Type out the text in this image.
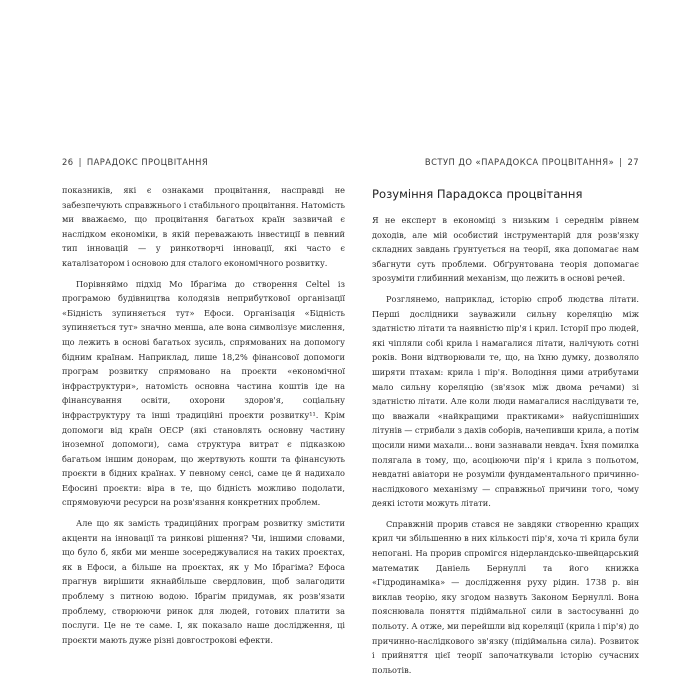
26 | ПАРАДОКС ПРОЦВІТАННЯ

показників, які є ознаками процвітання, насправді не забезпечують справжнього і стабільного процвітання. Натомість ми вважаємо, що процвітання багатьох країн зазвичай є наслідком економіки, в якій переважають інвестиції в певний тип інновацій — у ринкотворчі інновації, які часто є каталізатором і основою для сталого економічного розвитку.

Порівняймо підхід Мо Ібрагіма до створення Celtel із програмою будівництва колодязів неприбуткової організації «Бідність зупиняється тут» Ефоси. Організація «Бідність зупиняється тут» значно менша, але вона символізує мислення, що лежить в основі багатьох зусиль, спрямованих на допомогу бідним країнам. Наприклад, лише 18,2% фінансової допомоги програм розвитку спрямовано на проєкти «економічної інфраструктури», натомість основна частина коштів іде на фінансування освіти, охорони здоров'я, соціальну інфраструктуру та інші традиційні проєкти розвитку¹¹. Крім допомоги від країн ОЕСР (які становлять основну частину іноземної допомоги), сама структура витрат є підказкою багатьом іншим донорам, що жертвують кошти та фінансують проєкти в бідних країнах. У певному сенсі, саме це й надихало Ефосині проєкти: віра в те, що бідність можливо подолати, спрямовуючи ресурси на розв'язання конкретних проблем.

Але що як замість традиційних програм розвитку змістити акценти на інновації та ринкові рішення? Чи, іншими словами, що було б, якби ми менше зосереджувалися на таких проєктах, як в Ефоси, а більше на проєктах, як у Мо Ібрагіма? Ефоса прагнув вирішити якнайбільше свердловин, щоб залагодити проблему з питною водою. Ібрагім придумав, як розв'язати проблему, створюючи ринок для людей, готових платити за послуги. Це не те саме. І, як показало наше дослідження, ці проєкти мають дуже різні довгострокові ефекти.

ВСТУП ДО «ПАРАДОКСА ПРОЦВІТАННЯ» | 27
Розуміння Парадокса процвітання

Я не експерт в економіці з низьким і середнім рівнем доходів, але мій особистий інструментарій для розв'язку складних завдань ґрунтується на теорії, яка допомагає нам збагнути суть проблеми. Обґрунтована теорія допомагає зрозуміти глибинний механізм, що лежить в основі речей.

Розглянемо, наприклад, історію спроб людства літати. Перші дослідники зауважили сильну кореляцію між здатністю літати та наявністю пір'я і крил. Історії про людей, які чіпляли собі крила і намагалися літати, налічують сотні років. Вони відтворювали те, що, на їхню думку, дозволяло ширяти птахам: крила і пір'я. Володіння цими атрибутами мало сильну кореляцію (зв'язок між двома речами) зі здатністю літати. Але коли люди намагалися наслідувати те, що вважали «найкращими практиками» найуспішніших літунів — стрибали з дахів соборів, начепивши крила, а потім щосили ними махали... вони зазнавали невдач. Їхня помилка полягала в тому, що, асоціюючи пір'я і крила з польотом, невдатні авіатори не розуміли фундаментального причинно-наслідкового механізму — справжньої причини того, чому деякі істоти можуть літати.

Справжній прорив стався не завдяки створенню кращих крил чи збільшенню в них кількості пір'я, хоча ті крила були непогані. На прорив спромігся нідерландсько-швейцарський математик Даніель Бернуллі та його книжка «Гідродинаміка» — дослідження руху рідин. 1738 р. він виклав теорію, яку згодом назвуть Законом Бернуллі. Вона пояснювала поняття підіймальної сили в застосуванні до польоту. А отже, ми перейшли від кореляції (крила і пір'я) до причинно-наслідкового зв'язку (підіймальна сила). Розвиток і прийняття цієї теорії започаткували історію сучасних польотів.
